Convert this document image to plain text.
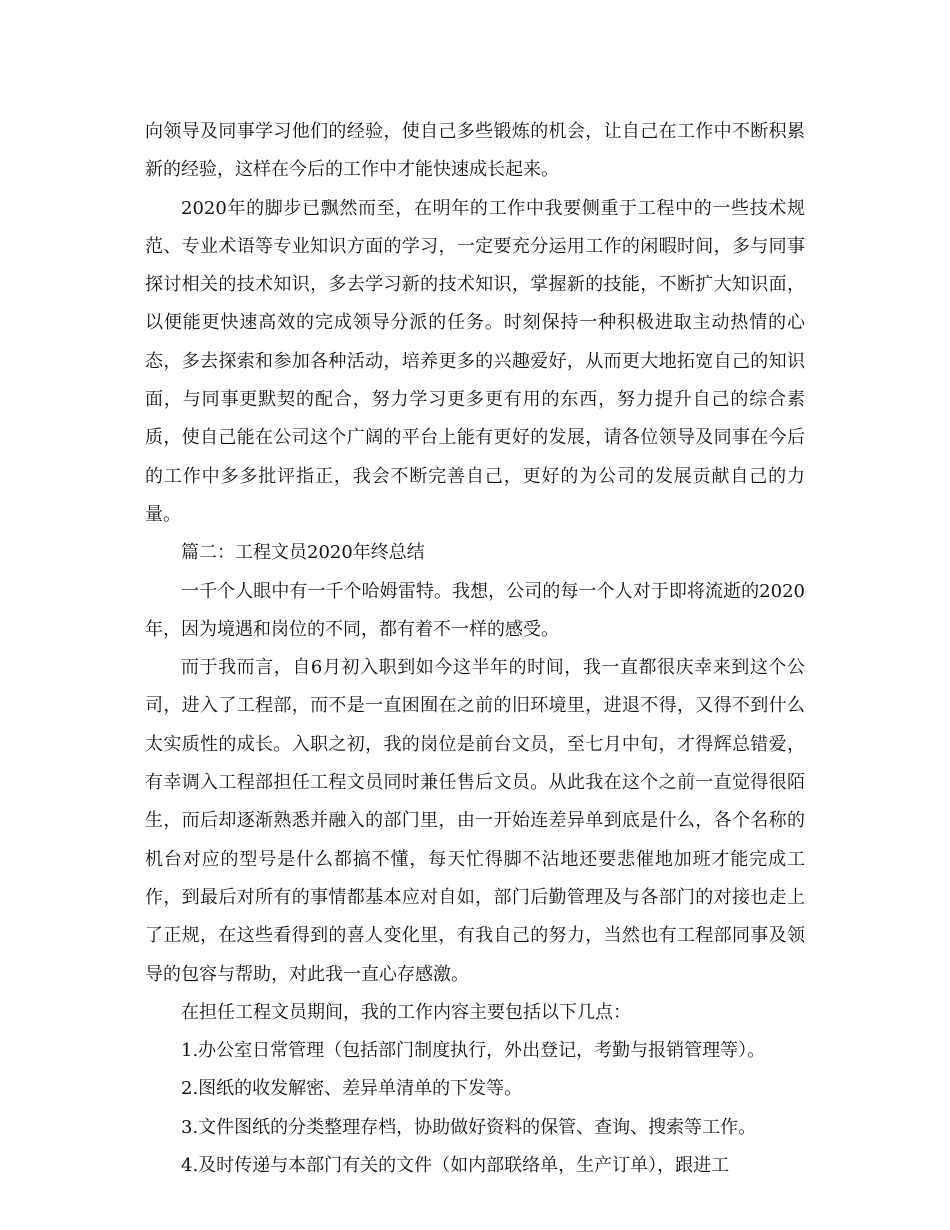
向领导及同事学习他们的经验，使自己多些锻炼的机会，让自己在工作中不断积累新的经验，这样在今后的工作中才能快速成长起来。

2020年的脚步已飘然而至，在明年的工作中我要侧重于工程中的一些技术规范、专业术语等专业知识方面的学习，一定要充分运用工作的闲暇时间，多与同事探讨相关的技术知识，多去学习新的技术知识，掌握新的技能，不断扩大知识面，以便能更快速高效的完成领导分派的任务。时刻保持一种积极进取主动热情的心态，多去探索和参加各种活动，培养更多的兴趣爱好，从而更大地拓宽自己的知识面，与同事更默契的配合，努力学习更多更有用的东西，努力提升自己的综合素质，使自己能在公司这个广阔的平台上能有更好的发展，请各位领导及同事在今后的工作中多多批评指正，我会不断完善自己，更好的为公司的发展贡献自己的力量。

篇二：工程文员2020年终总结

一千个人眼中有一千个哈姆雷特。我想，公司的每一个人对于即将流逝的2020年，因为境遇和岗位的不同，都有着不一样的感受。

而于我而言，自6月初入职到如今这半年的时间，我一直都很庆幸来到这个公司，进入了工程部，而不是一直困囿在之前的旧环境里，进退不得，又得不到什么太实质性的成长。入职之初，我的岗位是前台文员，至七月中旬，才得辉总错爱，有幸调入工程部担任工程文员同时兼任售后文员。从此我在这个之前一直觉得很陌生，而后却逐渐熟悉并融入的部门里，由一开始连差异单到底是什么，各个名称的机台对应的型号是什么都搞不懂，每天忙得脚不沾地还要悲催地加班才能完成工作，到最后对所有的事情都基本应对自如，部门后勤管理及与各部门的对接也走上了正规，在这些看得到的喜人变化里，有我自己的努力，当然也有工程部同事及领导的包容与帮助，对此我一直心存感激。

在担任工程文员期间，我的工作内容主要包括以下几点：

1.办公室日常管理（包括部门制度执行，外出登记，考勤与报销管理等）。

2.图纸的收发解密、差异单清单的下发等。

3.文件图纸的分类整理存档，协助做好资料的保管、查询、搜索等工作。

4.及时传递与本部门有关的文件（如内部联络单，生产订单），跟进工
